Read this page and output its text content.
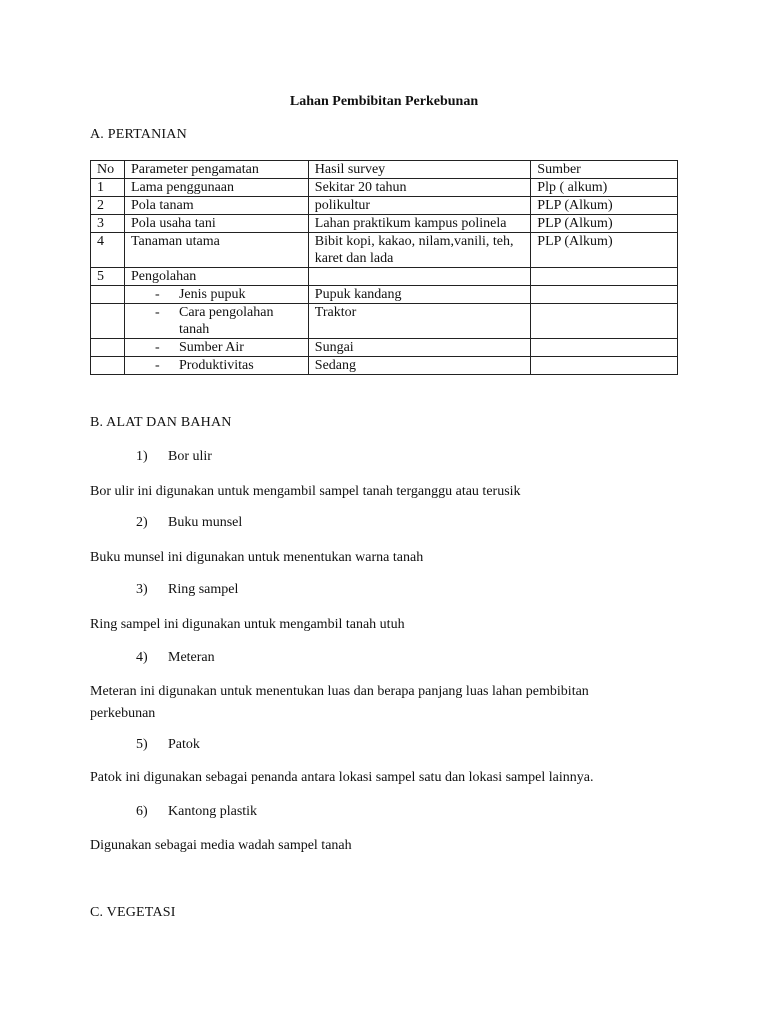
Lahan Pembibitan Perkebunan
A. PERTANIAN
No	Parameter pengamatan	Hasil survey	Sumber
1	Lama penggunaan	Sekitar 20 tahun	Plp ( alkum)
2	Pola tanam	polikultur	PLP (Alkum)
3	Pola usaha tani	Lahan praktikum kampus polinela	PLP (Alkum)
4	Tanaman utama	Bibit kopi, kakao, nilam,vanili, teh, karet dan lada	PLP (Alkum)
5	Pengolahan		

	- Jenis pupuk	Pupuk kandang	

	- Cara pengolahan tanah	Traktor	

	- Sumber Air	Sungai	

	- Produktivitas	Sedang	
B. ALAT DAN BAHAN
1) Bor ulir
Bor ulir ini digunakan untuk mengambil sampel tanah terganggu atau terusik
2) Buku munsel
Buku munsel ini digunakan untuk menentukan warna tanah
3) Ring sampel
Ring sampel ini digunakan untuk mengambil tanah utuh
4) Meteran
Meteran ini digunakan untuk menentukan luas dan berapa panjang luas lahan pembibitan perkebunan
5) Patok
Patok ini digunakan sebagai penanda antara lokasi sampel satu dan lokasi sampel lainnya.
6) Kantong plastik
Digunakan sebagai media wadah sampel tanah
C. VEGETASI
